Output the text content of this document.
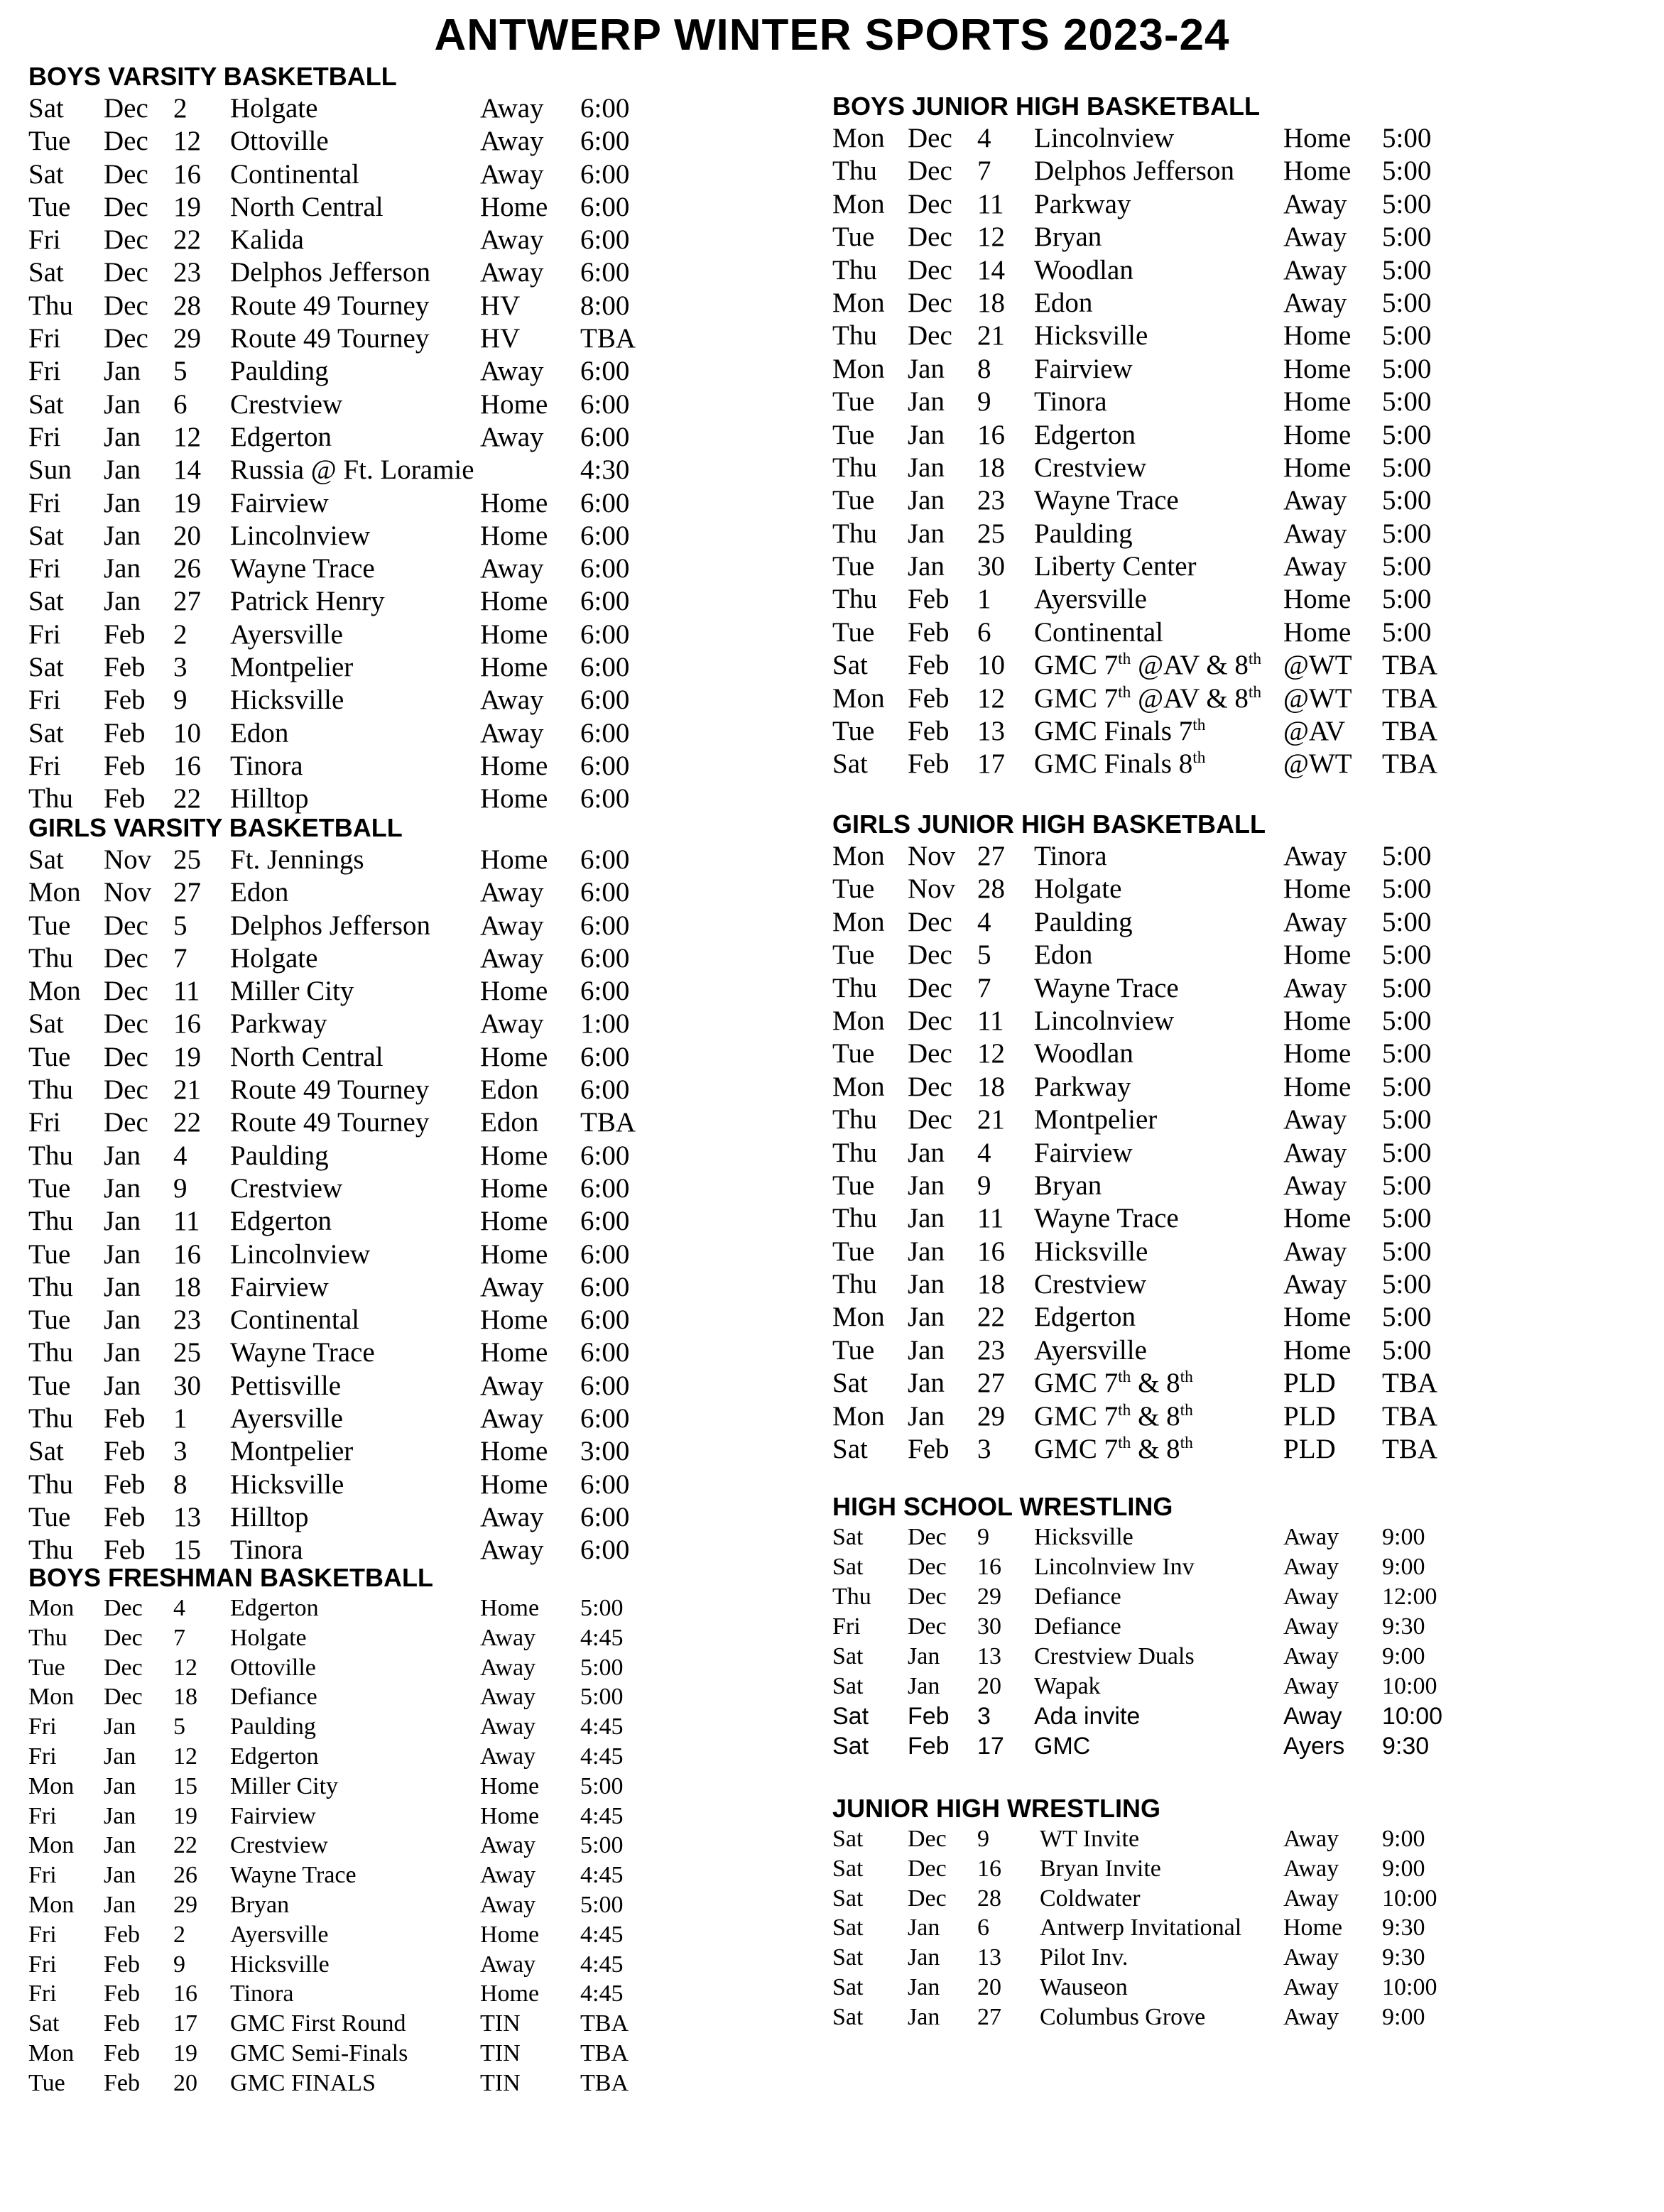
ANTWERP WINTER SPORTS 2023-24
BOYS VARSITY BASKETBALL
Sat Dec 2 Holgate	Away 6:00
Tue Dec 12 Ottoville	Away 6:00
Sat Dec 16 Continental	Away 6:00
Tue Dec 19 North Central	Home 6:00
Fri Dec 22 Kalida	Away 6:00
Sat Dec 23 Delphos Jefferson Away 6:00
Thu Dec 28 Route 49 Tourney HV 8:00
Fri Dec 29 Route 49 Tourney HV TBA
Fri Jan 5 Paulding	Away 6:00
Sat Jan 6 Crestview	Home 6:00
Fri Jan 12 Edgerton	Away 6:00
Sun Jan 14 Russia @ Ft. Loramie	4:30
Fri Jan 19 Fairview	Home 6:00
Sat Jan 20 Lincolnview	Home 6:00
Fri Jan 26 Wayne Trace	Away 6:00
Sat Jan 27 Patrick Henry	Home 6:00
Fri Feb 2 Ayersville	Home 6:00
Sat Feb 3 Montpelier	Home 6:00
Fri Feb 9 Hicksville	Away 6:00
Sat Feb 10 Edon	Away 6:00
Fri Feb 16 Tinora	Home 6:00
Thu Feb 22 Hilltop	Home 6:00
GIRLS VARSITY BASKETBALL
Sat Nov 25 Ft. Jennings	Home 6:00
Mon Nov 27 Edon	Away 6:00
Tue Dec 5 Delphos Jefferson Away 6:00
Thu Dec 7 Holgate	Away 6:00
Mon Dec 11 Miller City	Home 6:00
Sat Dec 16 Parkway	Away 1:00
Tue Dec 19 North Central	Home 6:00
Thu Dec 21 Route 49 Tourney Edon 6:00
Fri Dec 22 Route 49 Tourney Edon TBA
Thu Jan 4 Paulding	Home 6:00
Tue Jan 9 Crestview	Home 6:00
Thu Jan 11 Edgerton	Home 6:00
Tue Jan 16 Lincolnview	Home 6:00
Thu Jan 18 Fairview	Away 6:00
Tue Jan 23 Continental	Home 6:00
Thu Jan 25 Wayne Trace	Home 6:00
Tue Jan 30 Pettisville	Away 6:00
Thu Feb 1 Ayersville	Away 6:00
Sat Feb 3 Montpelier	Home 3:00
Thu Feb 8 Hicksville	Home 6:00
Tue Feb 13 Hilltop	Away 6:00
Thu Feb 15 Tinora	Away 6:00
BOYS FRESHMAN BASKETBALL
Mon Dec 4 Edgerton	Home 5:00
Thu Dec 7 Holgate	Away 4:45
Tue Dec 12 Ottoville	Away 5:00
Mon Dec 18 Defiance	Away 5:00
Fri Jan 5 Paulding	Away 4:45
Fri Jan 12 Edgerton	Away 4:45
Mon Jan 15 Miller City	Home 5:00
Fri Jan 19 Fairview	Home 4:45
Mon Jan 22 Crestview	Away 5:00
Fri Jan 26 Wayne Trace	Away 4:45
Mon Jan 29 Bryan	Away 5:00
Fri Feb 2 Ayersville	Home 4:45
Fri Feb 9 Hicksville	Away 4:45
Fri Feb 16 Tinora	Home 4:45
Sat Feb 17 GMC First Round	TIN TBA
Mon Feb 19 GMC Semi-Finals	TIN TBA
Tue Feb 20 GMC FINALS	TIN TBA
BOYS JUNIOR HIGH BASKETBALL
Mon Dec 4 Lincolnview	Home 5:00
Thu Dec 7 Delphos Jefferson Home 5:00
Mon Dec 11 Parkway	Away 5:00
Tue Dec 12 Bryan	Away 5:00
Thu Dec 14 Woodlan	Away 5:00
Mon Dec 18 Edon	Away 5:00
Thu Dec 21 Hicksville	Home 5:00
Mon Jan 8 Fairview	Home 5:00
Tue Jan 9 Tinora	Home 5:00
Tue Jan 16 Edgerton	Home 5:00
Thu Jan 18 Crestview	Home 5:00
Tue Jan 23 Wayne Trace	Away 5:00
Thu Jan 25 Paulding	Away 5:00
Tue Jan 30 Liberty Center	Away 5:00
Thu Feb 1 Ayersville	Home 5:00
Tue Feb 6 Continental	Home 5:00
Sat Feb 10 GMC 7th @AV & 8th @WT TBA
Mon Feb 12 GMC 7th @AV & 8th @WT TBA
Tue Feb 13 GMC Finals 7th	@AV TBA
Sat Feb 17 GMC Finals 8th	@WT TBA
GIRLS JUNIOR HIGH BASKETBALL
Mon Nov 27 Tinora	Away 5:00
Tue Nov 28 Holgate	Home 5:00
Mon Dec 4 Paulding	Away 5:00
Tue Dec 5 Edon	Home 5:00
Thu Dec 7 Wayne Trace	Away 5:00
Mon Dec 11 Lincolnview	Home 5:00
Tue Dec 12 Woodlan	Home 5:00
Mon Dec 18 Parkway	Home 5:00
Thu Dec 21 Montpelier	Away 5:00
Thu Jan 4 Fairview	Away 5:00
Tue Jan 9 Bryan	Away 5:00
Thu Jan 11 Wayne Trace	Home 5:00
Tue Jan 16 Hicksville	Away 5:00
Thu Jan 18 Crestview	Away 5:00
Mon Jan 22 Edgerton	Home 5:00
Tue Jan 23 Ayersville	Home 5:00
Sat Jan 27 GMC 7th & 8th	PLD TBA
Mon Jan 29 GMC 7th & 8th	PLD TBA
Sat Feb 3 GMC 7th & 8th	PLD TBA
HIGH SCHOOL WRESTLING
Sat Dec 9 Hicksville	Away 9:00
Sat Dec 16 Lincolnview Inv	Away 9:00
Thu Dec 29 Defiance	Away 12:00
Fri Dec 30 Defiance	Away 9:30
Sat Jan 13 Crestview Duals	Away 9:00
Sat Jan 20 Wapak	Away 10:00
Sat Feb 3 Ada invite	Away 10:00
Sat Feb 17 GMC	Ayers 9:30
JUNIOR HIGH WRESTLING
Sat Dec 9 WT Invite	Away 9:00
Sat Dec 16 Bryan Invite	Away 9:00
Sat Dec 28 Coldwater	Away 10:00
Sat Jan 6 Antwerp Invitational Home 9:30
Sat Jan 13 Pilot Inv.	Away 9:30
Sat Jan 20 Wauseon	Away 10:00
Sat Jan 27 Columbus Grove	Away 9:00
